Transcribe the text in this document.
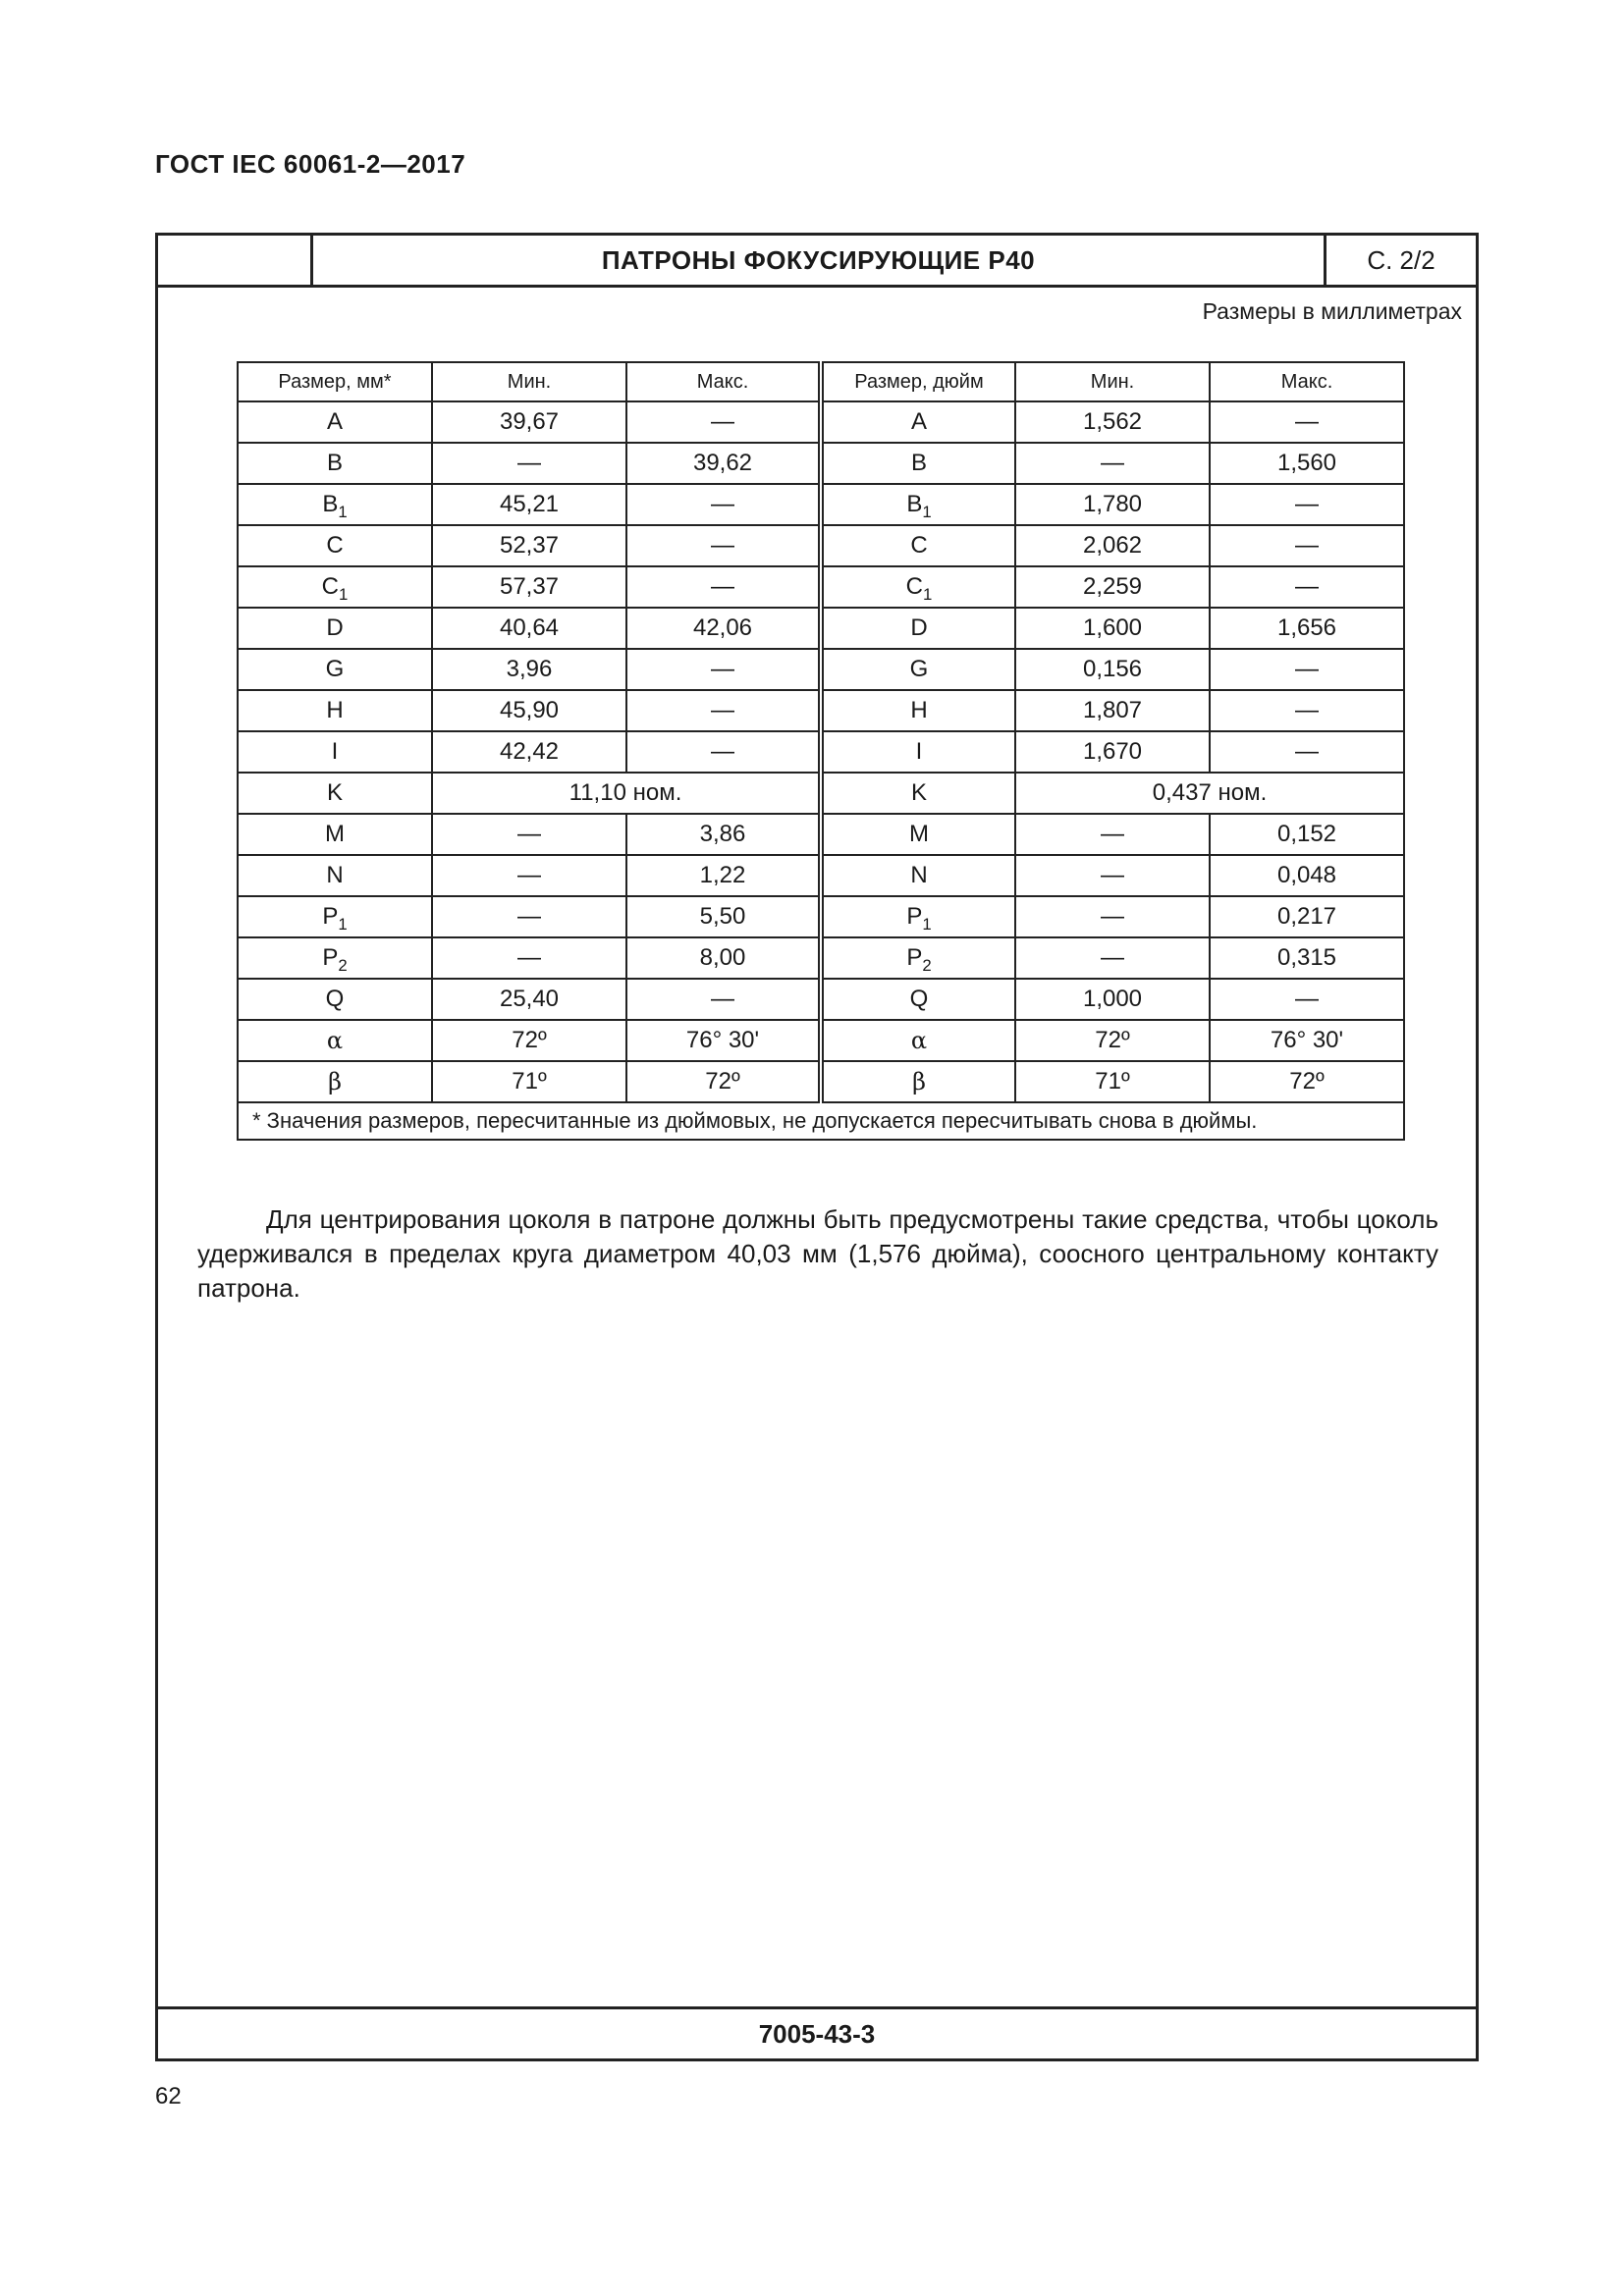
ГОСТ IEC 60061-2—2017
ПАТРОНЫ ФОКУСИРУЮЩИЕ P40	С. 2/2
Размеры в миллиметрах
Размер, мм*	Мин.	Макс.	Размер, дюйм	Мин.	Макс.
A	39,67	—	A	1,562	—
B	—	39,62	B	—	1,560
$B_1$	45,21	—	$B_1$	1,780	—
C	52,37	—	C	2,062	—
$C_1$	57,37	—	$C_1$	2,259	—
D	40,64	42,06	D	1,600	1,656
G	3,96	—	G	0,156	—
H	45,90	—	H	1,807	—
I	42,42	—	I	1,670	—
K	11,10 ном.		K	0,437 ном.	
M	—	3,86	M	—	0,152
N	—	1,22	N	—	0,048
$P_1$	—	5,50	$P_1$	—	0,217
$P_2$	—	8,00	$P_2$	—	0,315
Q	25,40	—	Q	1,000	—
α	72º	76° 30'	α	72º	76° 30'
β	71º	72º	β	71º	72º
* Значения размеров, пересчитанные из дюймовых, не допускается пересчитывать снова в дюймы.					
Для центрирования цоколя в патроне должны быть предусмотрены такие средства, чтобы цоколь удерживался в пределах круга диаметром 40,03 мм (1,576 дюйма), соосного центральному контакту патрона.
7005-43-3
62
